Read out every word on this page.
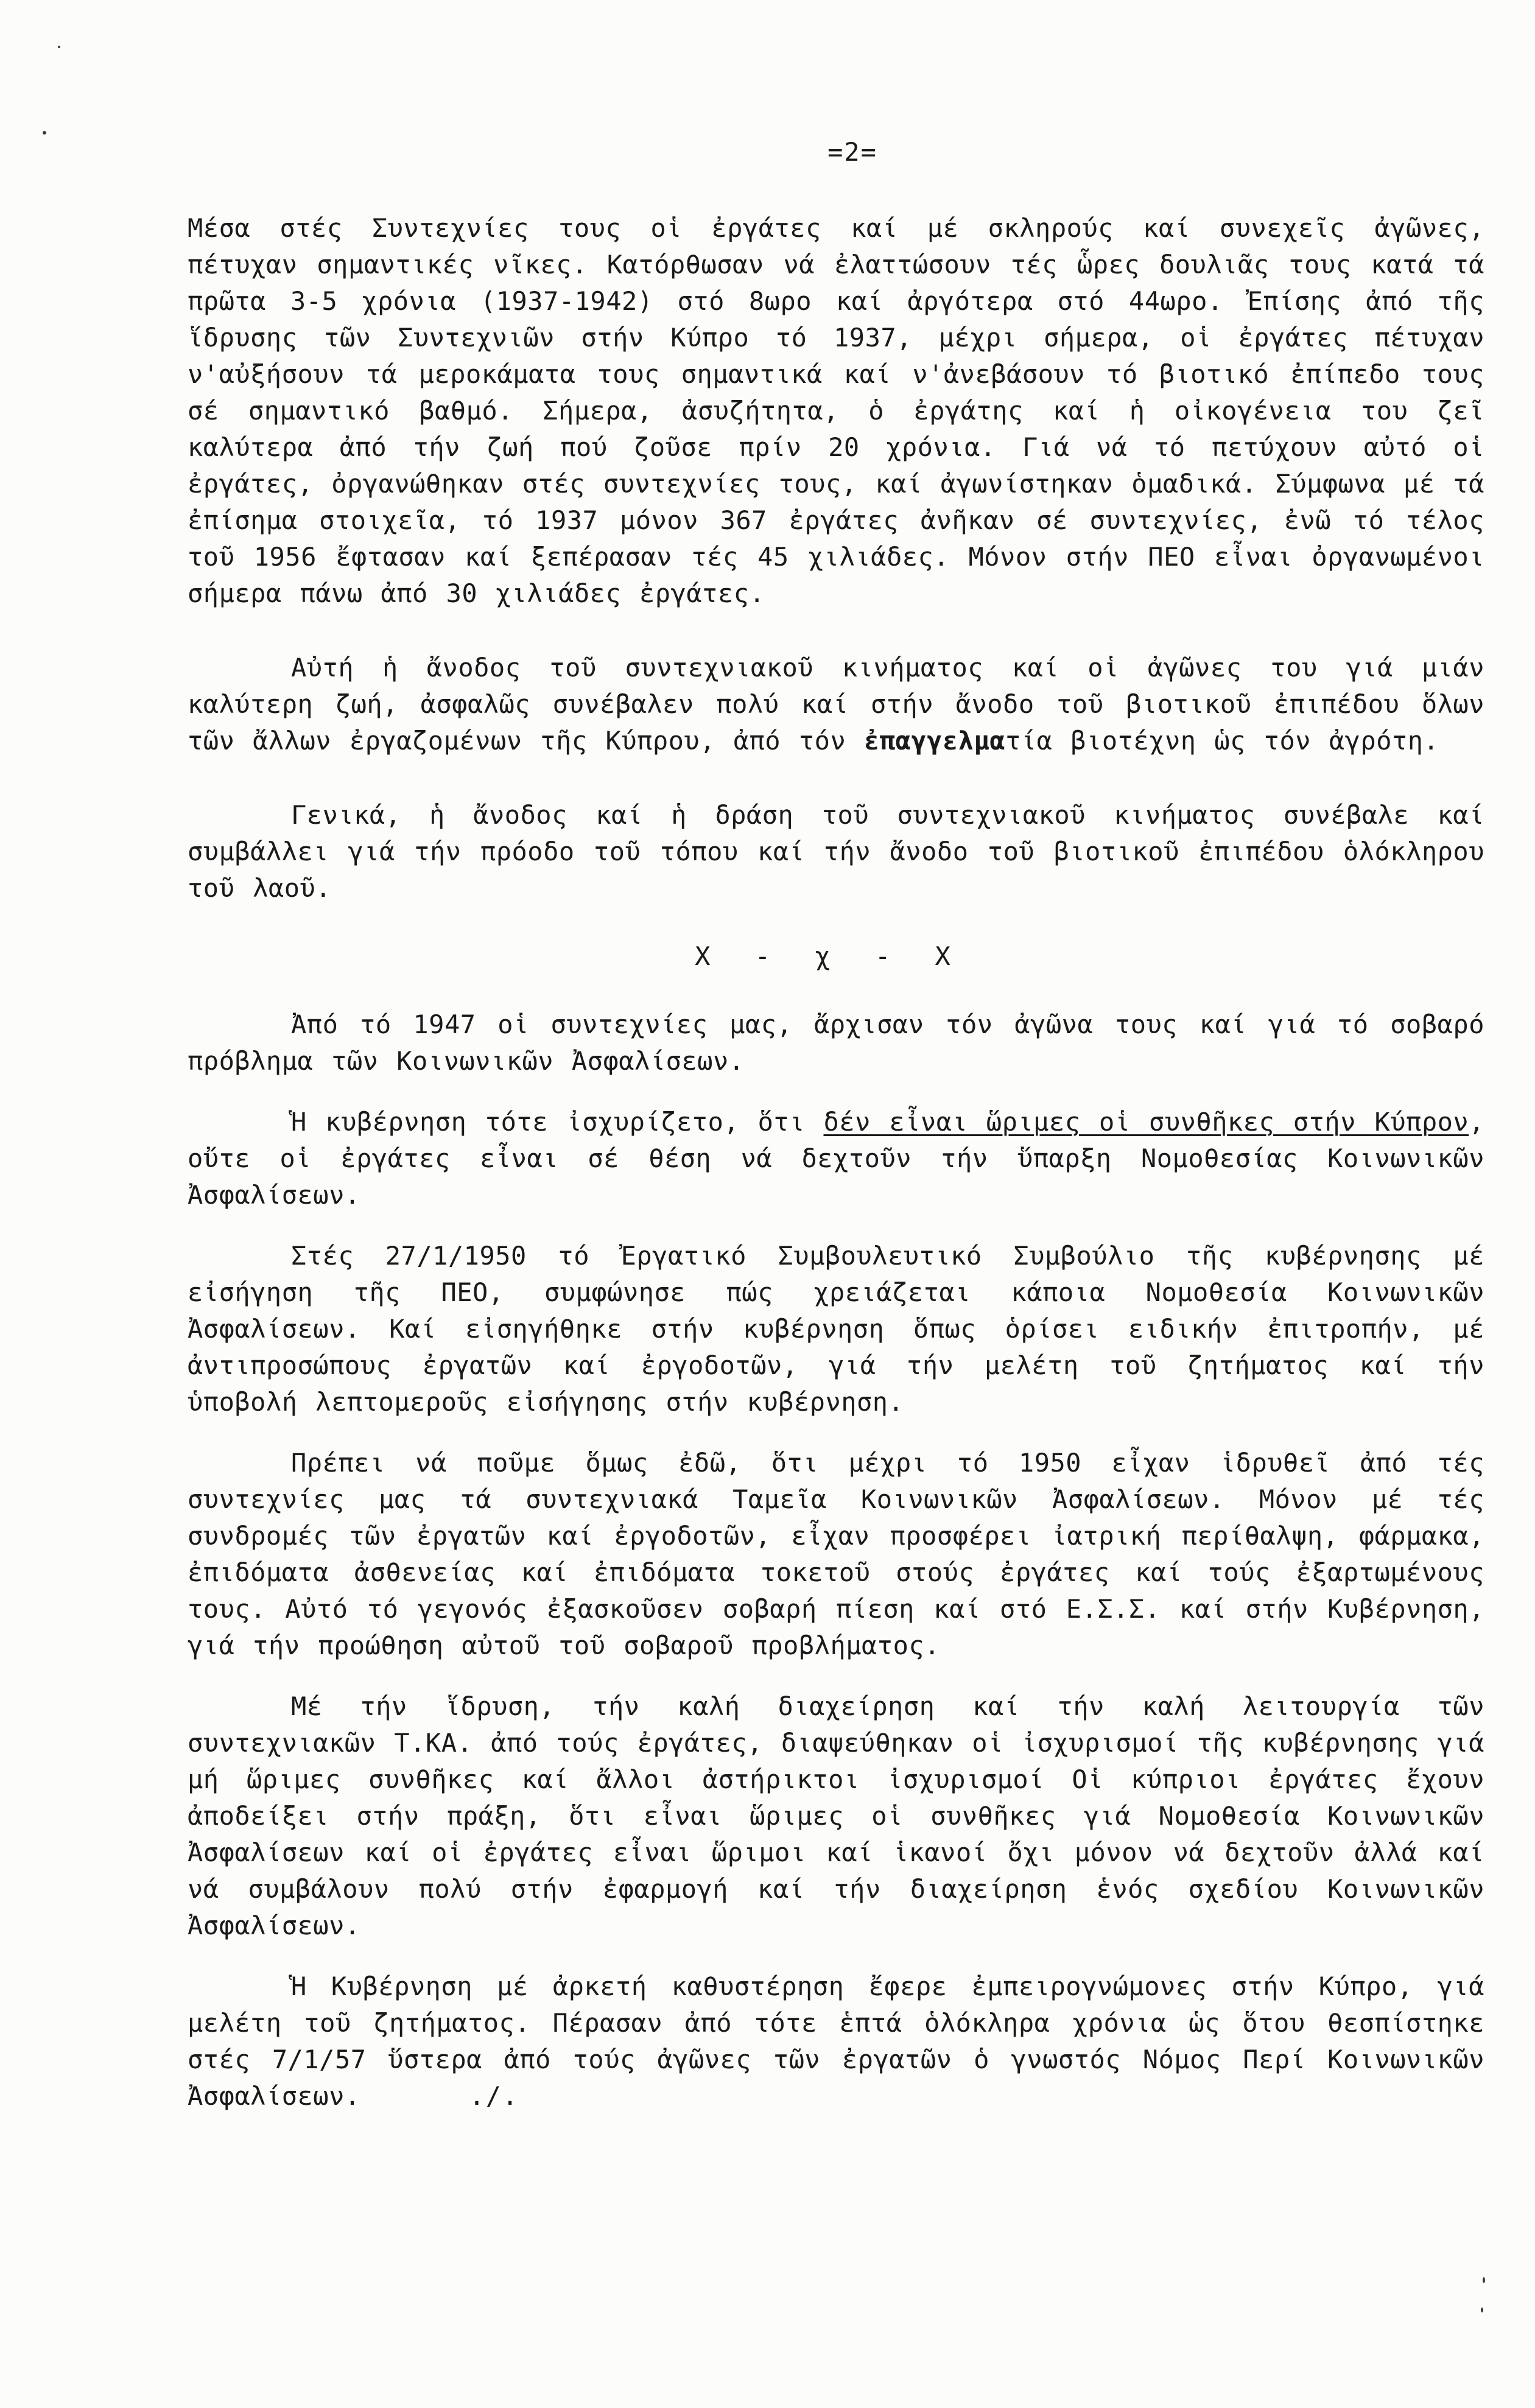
=2=

Μέσα στές Συντεχνίες τους οἱ ἐργάτες καί μέ σκληρούς καί συνεχεῖς ἀγῶνες, πέτυχαν σημαντικές νῖκες. Κατόρθωσαν νά ἐλαττώσουν τές ὧρες δουλιᾶς τους κατά τά πρῶτα 3-5 χρόνια (1937-1942) στό 8ωρο καί ἀργότερα στό 44ωρο. Ἐπίσης ἀπό τῆς ἵδρυσης τῶν Συντεχνιῶν στήν Κύπρο τό 1937, μέχρι σήμερα, οἱ ἐργάτες πέτυχαν ν'αὐξήσουν τά μεροκάματα τους σημαντικά καί ν'ἀνεβάσουν τό βιοτικό ἐπίπεδο τους σέ σημαντικό βαθμό. Σήμερα, ἀσυζήτητα, ὁ ἐργάτης καί ἡ οἰκογένεια του ζεῖ καλύτερα ἀπό τήν ζωή πού ζοῦσε πρίν 20 χρόνια. Γιά νά τό πετύχουν αὐτό οἱ ἐργάτες, ὀργανώθηκαν στές συντεχνίες τους, καί ἀγωνίστηκαν ὁμαδικά. Σύμφωνα μέ τά ἐπίσημα στοιχεῖα, τό 1937 μόνον 367 ἐργάτες ἀνῆκαν σέ συντεχνίες, ἐνῶ τό τέλος τοῦ 1956 ἔφτασαν καί ξεπέρασαν τές 45 χιλιάδες. Μόνον στήν ΠΕΟ εἶναι ὀργανωμένοι σήμερα πάνω ἀπό 30 χιλιάδες ἐργάτες.

Αὐτή ἡ ἄνοδος τοῦ συντεχνιακοῦ κινήματος καί οἱ ἀγῶνες του γιά μιάν καλύτερη ζωή, ἀσφαλῶς συνέβαλεν πολύ καί στήν ἄνοδο τοῦ βιοτικοῦ ἐπιπέδου ὅλων τῶν ἄλλων ἐργαζομένων τῆς Κύπρου, ἀπό τόν ἐπαγγελματία βιοτέχνη ὡς τόν ἀγρότη.

Γενικά, ἡ ἄνοδος καί ἡ δράση τοῦ συντεχνιακοῦ κινήματος συνέβαλε καί συμβάλλει γιά τήν πρόοδο τοῦ τόπου καί τήν ἄνοδο τοῦ βιοτικοῦ ἐπιπέδου ὁλόκληρου τοῦ λαοῦ.

X - χ - X

Ἀπό τό 1947 οἱ συντεχνίες μας, ἄρχισαν τόν ἀγῶνα τους καί γιά τό σοβαρό πρόβλημα τῶν Κοινωνικῶν Ἀσφαλίσεων.

Ἡ κυβέρνηση τότε ἰσχυρίζετο, ὅτι δέν εἶναι ὥριμες οἱ συνθῆκες στήν Κύπρον, οὔτε οἱ ἐργάτες εἶναι σέ θέση νά δεχτοῦν τήν ὕπαρξη Νομοθεσίας Κοινωνικῶν Ἀσφαλίσεων.

Στές 27/1/1950 τό Ἐργατικό Συμβουλευτικό Συμβούλιο τῆς κυβέρνησης μέ εἰσήγηση τῆς ΠΕΟ, συμφώνησε πώς χρειάζεται κάποια Νομοθεσία Κοινωνικῶν Ἀσφαλίσεων. Καί εἰσηγήθηκε στήν κυβέρνηση ὅπως ὁρίσει ειδικήν ἐπιτροπήν, μέ ἀντιπροσώπους ἐργατῶν καί ἐργοδοτῶν, γιά τήν μελέτη τοῦ ζητήματος καί τήν ὑποβολή λεπτομεροῦς εἰσήγησης στήν κυβέρνηση.

Πρέπει νά ποῦμε ὅμως ἐδῶ, ὅτι μέχρι τό 1950 εἶχαν ἱδρυθεῖ ἀπό τές συντεχνίες μας τά συντεχνιακά Ταμεῖα Κοινωνικῶν Ἀσφαλίσεων. Μόνον μέ τές συνδρομές τῶν ἐργατῶν καί ἐργοδοτῶν, εἶχαν προσφέρει ἰατρική περίθαλψη, φάρμακα, ἐπιδόματα ἀσθενείας καί ἐπιδόματα τοκετοῦ στούς ἐργάτες καί τούς ἐξαρτωμένους τους. Αὐτό τό γεγονός ἐξασκοῦσεν σοβαρή πίεση καί στό Ε.Σ.Σ. καί στήν Κυβέρνηση, γιά τήν προώθηση αὐτοῦ τοῦ σοβαροῦ προβλήματος.

Μέ τήν ἵδρυση, τήν καλή διαχείρηση καί τήν καλή λειτουργία τῶν συντεχνιακῶν Τ.ΚΑ. ἀπό τούς ἐργάτες, διαψεύθηκαν οἱ ἰσχυρισμοί τῆς κυβέρνησης γιά μή ὥριμες συνθῆκες καί ἄλλοι ἀστήρικτοι ἰσχυρισμοί Οἱ κύπριοι ἐργάτες ἔχουν ἀποδείξει στήν πράξη, ὅτι εἶναι ὥριμες οἱ συνθῆκες γιά Νομοθεσία Κοινωνικῶν Ἀσφαλίσεων καί οἱ ἐργάτες εἶναι ὥριμοι καί ἱκανοί ὄχι μόνον νά δεχτοῦν ἀλλά καί νά συμβάλουν πολύ στήν ἐφαρμογή καί τήν διαχείρηση ἑνός σχεδίου Κοινωνικῶν Ἀσφαλίσεων.

Ἡ Κυβέρνηση μέ ἀρκετή καθυστέρηση ἔφερε ἐμπειρογνώμονες στήν Κύπρο, γιά μελέτη τοῦ ζητήματος. Πέρασαν ἀπό τότε ἑπτά ὁλόκληρα χρόνια ὡς ὅτου θεσπίστηκε στές 7/1/57 ὕστερα ἀπό τούς ἀγῶνες τῶν ἐργατῶν ὁ γνωστός Νόμος Περί Κοινωνικῶν Ἀσφαλίσεων.	./.
